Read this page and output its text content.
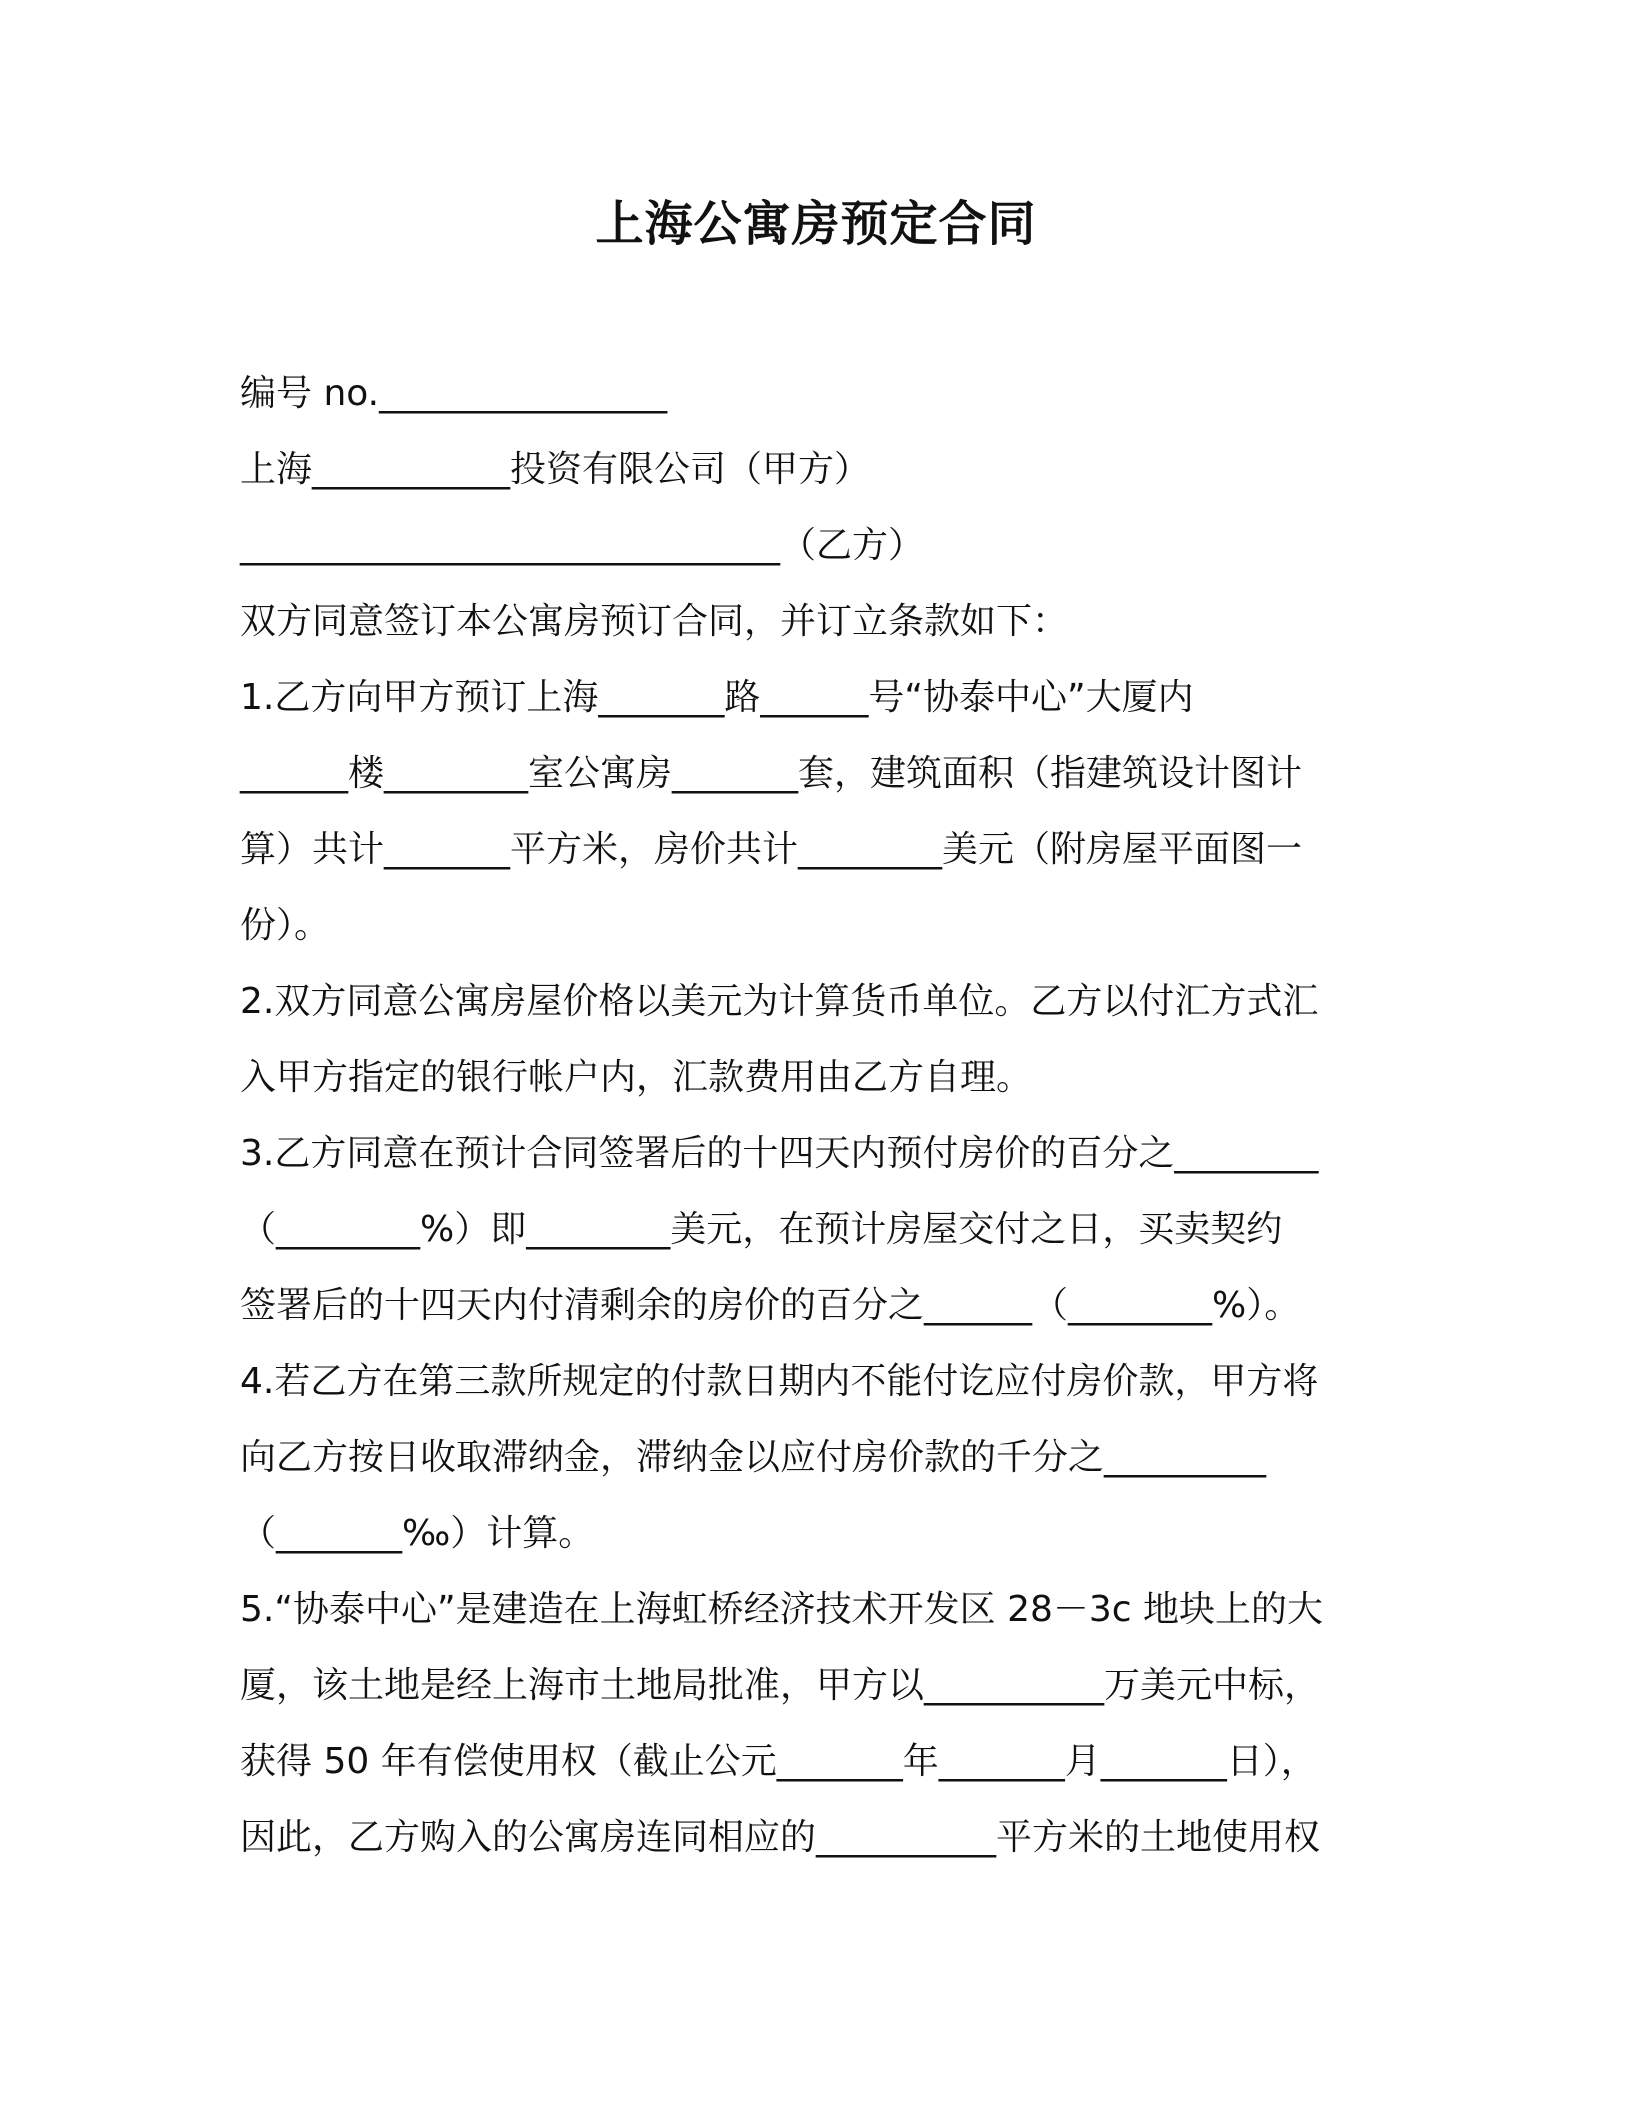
上海公寓房预定合同
编号 no.________________
上海___________投资有限公司（甲方）
______________________________（乙方）
双方同意签订本公寓房预订合同，并订立条款如下：
1.乙方向甲方预订上海_______路______号“协泰中心”大厦内
______楼________室公寓房_______套，建筑面积（指建筑设计图计
算）共计_______平方米，房价共计________美元（附房屋平面图一
份）。
2.双方同意公寓房屋价格以美元为计算货币单位。乙方以付汇方式汇
入甲方指定的银行帐户内，汇款费用由乙方自理。
3.乙方同意在预计合同签署后的十四天内预付房价的百分之________
（________%）即________美元，在预计房屋交付之日，买卖契约
签署后的十四天内付清剩余的房价的百分之______（________%）。
4.若乙方在第三款所规定的付款日期内不能付讫应付房价款，甲方将
向乙方按日收取滞纳金，滞纳金以应付房价款的千分之_________
（_______‰）计算。
5.“协泰中心”是建造在上海虹桥经济技术开发区 28－3c 地块上的大
厦，该土地是经上海市土地局批准，甲方以__________万美元中标，
获得 50 年有偿使用权（截止公元_______年_______月_______日），
因此，乙方购入的公寓房连同相应的__________平方米的土地使用权
